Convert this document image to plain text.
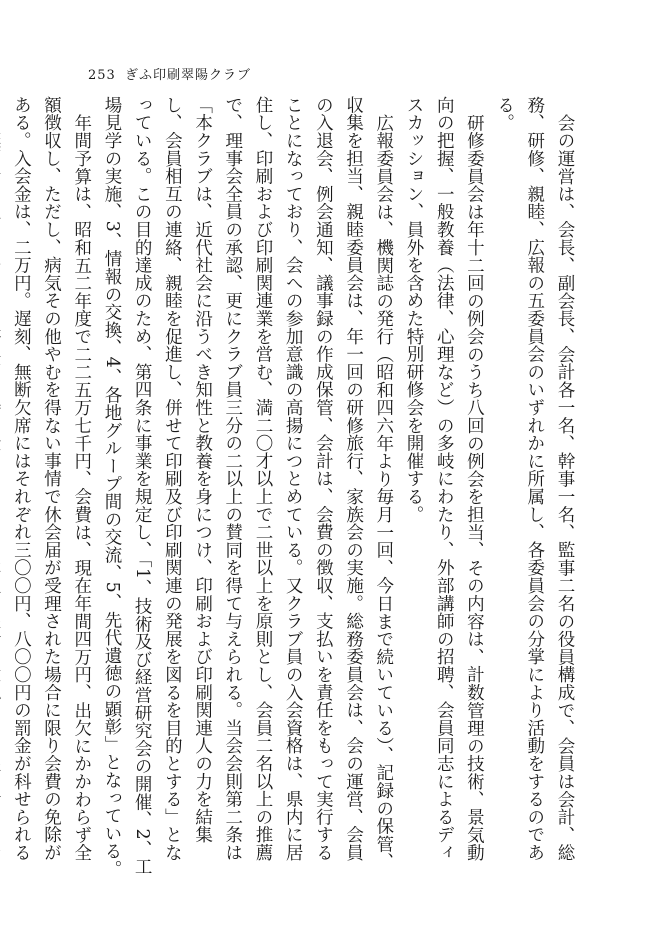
253 ぎふ印刷翠陽クラブ

会の運営は、会長、副会長、会計各一名、幹事一名、監事二名の役員構成で、会員は会計、総務、研修、親睦、広報の五委員会のいずれかに所属し、各委員会の分掌により活動をするのである。

研修委員会は年十二回の例会のうち八回の例会を担当、その内容は、計数管理の技術、景気動向の把握、一般教養（法律、心理など）の多岐にわたり、外部講師の招聘、会員同志によるディスカッション、員外を含めた特別研修会を開催する。

広報委員会は、機関誌の発行（昭和四六年より毎月一回、今日まで続いている）、記録の保管、収集を担当、親睦委員会は、年一回の研修旅行、家族会の実施。総務委員会は、会の運営、会員の入退会、例会通知、議事録の作成保管、会計は、会費の徴収、支払いを責任をもって実行することになっており、会への参加意識の高揚につとめている。又クラブ員の入会資格は、県内に居住し、印刷および印刷関連業を営む、満二〇才以上で二世以上を原則とし、会員二名以上の推薦で、理事会全員の承認、更にクラブ員三分の二以上の賛同を得て与えられる。当会会則第二条は「本クラブは、近代社会に沿うべき知性と教養を身につけ、印刷および印刷関連人の力を結集し、会員相互の連絡、親睦を促進し、併せて印刷及び印刷関連の発展を図るを目的とする」となっている。この目的達成のため、第四条に事業を規定し、「1、技術及び経営研究会の開催、2、工場見学の実施、3、情報の交換、4、各地グループ間の交流、5、先代遺徳の顕彰」となっている。

年間予算は、昭和五二年度で二二五万七千円、会費は、現在年間四万円、出欠にかかわらず全額徴収し、ただし、病気その他やむを得ない事情で休会届が受理された場合に限り会費の免除がある。入会金は、二万円。遅刻、無断欠席にはそれぞれ三〇〇円、八〇〇円の罰金が科せられる
